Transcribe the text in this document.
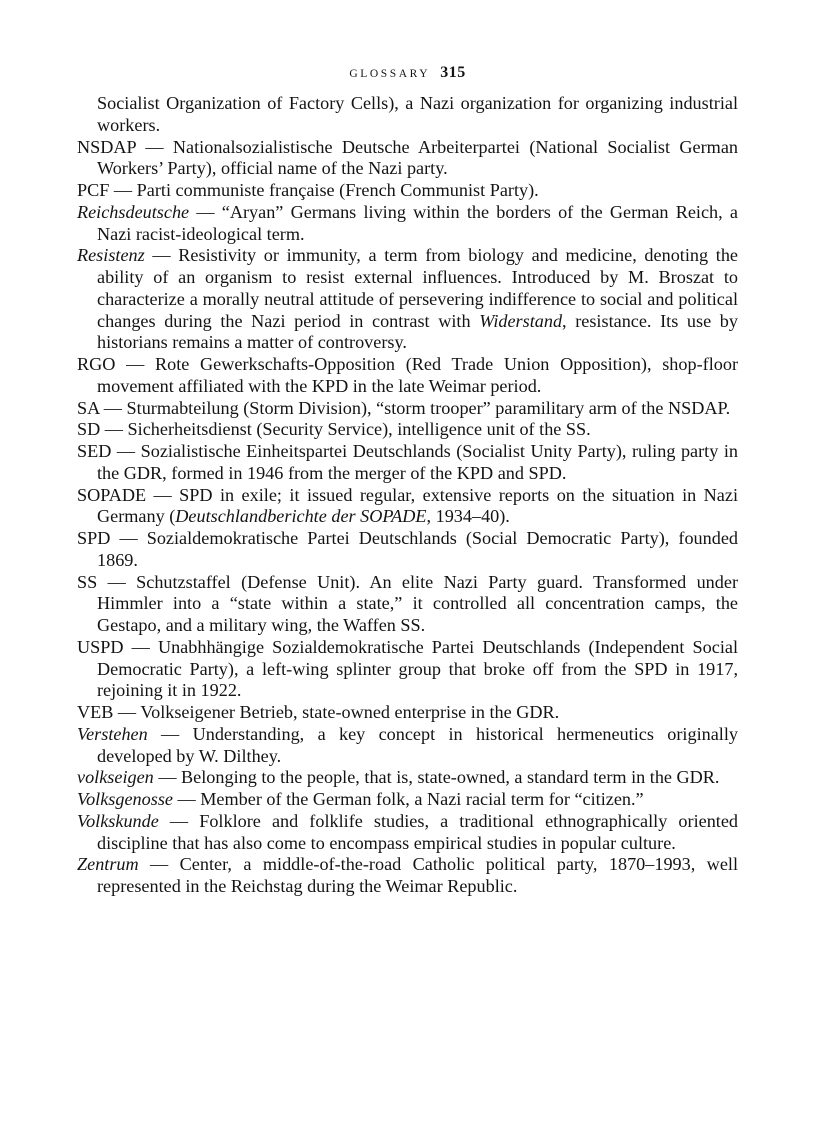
GLOSSARY 315

Socialist Organization of Factory Cells), a Nazi organization for organizing industrial workers.

NSDAP — Nationalsozialistische Deutsche Arbeiterpartei (National Socialist German Workers’ Party), official name of the Nazi party.

PCF — Parti communiste française (French Communist Party).

Reichsdeutsche — “Aryan” Germans living within the borders of the German Reich, a Nazi racist-ideological term.

Resistenz — Resistivity or immunity, a term from biology and medicine, denoting the ability of an organism to resist external influences. Introduced by M. Broszat to characterize a morally neutral attitude of persevering indifference to social and political changes during the Nazi period in contrast with Widerstand, resistance. Its use by historians remains a matter of controversy.

RGO — Rote Gewerkschafts-Opposition (Red Trade Union Opposition), shop-floor movement affiliated with the KPD in the late Weimar period.

SA — Sturmabteilung (Storm Division), “storm trooper” paramilitary arm of the NSDAP.

SD — Sicherheitsdienst (Security Service), intelligence unit of the SS.

SED — Sozialistische Einheitspartei Deutschlands (Socialist Unity Party), ruling party in the GDR, formed in 1946 from the merger of the KPD and SPD.

SOPADE — SPD in exile; it issued regular, extensive reports on the situation in Nazi Germany (Deutschlandberichte der SOPADE, 1934–40).

SPD — Sozialdemokratische Partei Deutschlands (Social Democratic Party), founded 1869.

SS — Schutzstaffel (Defense Unit). An elite Nazi Party guard. Transformed under Himmler into a “state within a state,” it controlled all concentration camps, the Gestapo, and a military wing, the Waffen SS.

USPD — Unabhhängige Sozialdemokratische Partei Deutschlands (Independent Social Democratic Party), a left-wing splinter group that broke off from the SPD in 1917, rejoining it in 1922.

VEB — Volkseigener Betrieb, state-owned enterprise in the GDR.

Verstehen — Understanding, a key concept in historical hermeneutics originally developed by W. Dilthey.

volkseigen — Belonging to the people, that is, state-owned, a standard term in the GDR.

Volksgenosse — Member of the German folk, a Nazi racial term for “citizen.”

Volkskunde — Folklore and folklife studies, a traditional ethnographically oriented discipline that has also come to encompass empirical studies in popular culture.

Zentrum — Center, a middle-of-the-road Catholic political party, 1870–1993, well represented in the Reichstag during the Weimar Republic.
